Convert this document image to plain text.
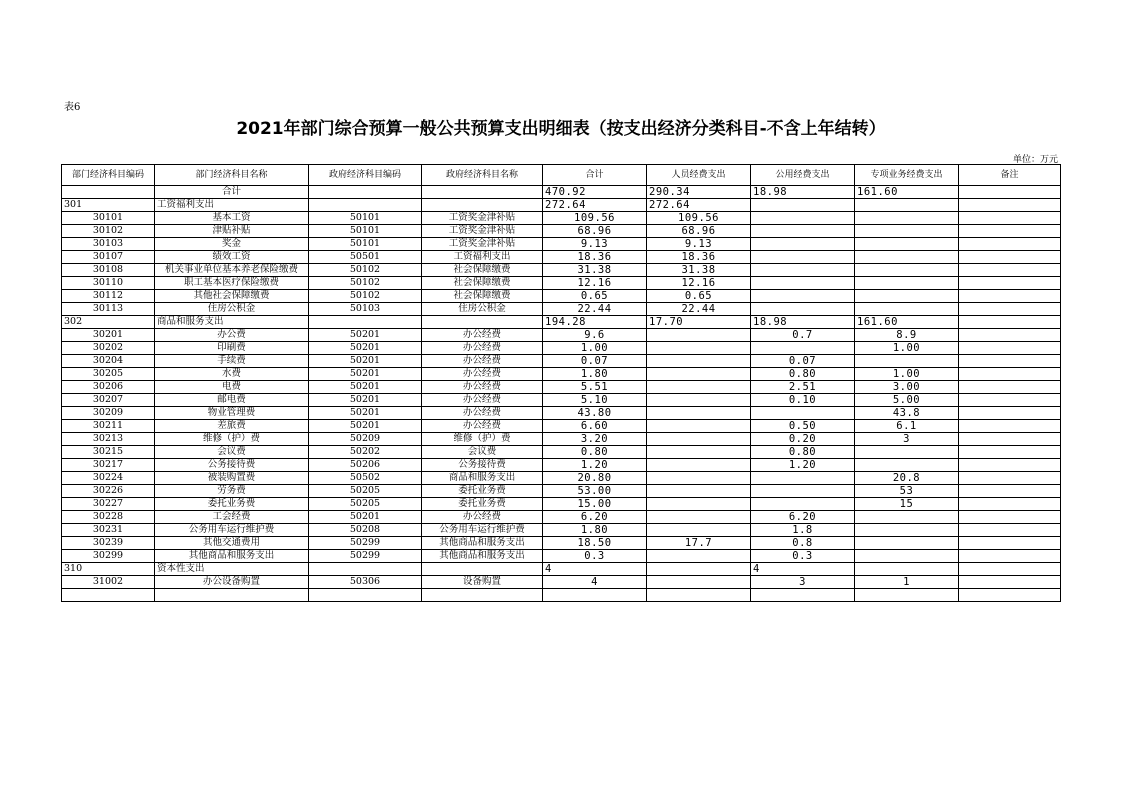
表6
2021年部门综合预算一般公共预算支出明细表（按支出经济分类科目-不含上年结转）
单位：万元
部门经济科目编码	部门经济科目名称	政府经济科目编码	政府经济科目名称	合计	人员经费支出	公用经费支出	专项业务经费支出	备注
	合计			470.92	290.34	18.98	161.60	
301	工资福利支出			272.64	272.64			
30101	基本工资	50101	工资奖金津补贴	109.56	109.56			
30102	津贴补贴	50101	工资奖金津补贴	68.96	68.96			
30103	奖金	50101	工资奖金津补贴	9.13	9.13			
30107	绩效工资	50501	工资福利支出	18.36	18.36			
30108	机关事业单位基本养老保险缴费	50102	社会保障缴费	31.38	31.38			
30110	职工基本医疗保险缴费	50102	社会保障缴费	12.16	12.16			
30112	其他社会保障缴费	50102	社会保障缴费	0.65	0.65			
30113	住房公积金	50103	住房公积金	22.44	22.44			
302	商品和服务支出			194.28	17.70	18.98	161.60	
30201	办公费	50201	办公经费	9.6		0.7	8.9	
30202	印刷费	50201	办公经费	1.00			1.00	
30204	手续费	50201	办公经费	0.07		0.07		
30205	水费	50201	办公经费	1.80		0.80	1.00	
30206	电费	50201	办公经费	5.51		2.51	3.00	
30207	邮电费	50201	办公经费	5.10		0.10	5.00	
30209	物业管理费	50201	办公经费	43.80			43.8	
30211	差旅费	50201	办公经费	6.60		0.50	6.1	
30213	维修（护）费	50209	维修（护）费	3.20		0.20	3	
30215	会议费	50202	会议费	0.80		0.80		
30217	公务接待费	50206	公务接待费	1.20		1.20		
30224	被装购置费	50502	商品和服务支出	20.80			20.8	
30226	劳务费	50205	委托业务费	53.00			53	
30227	委托业务费	50205	委托业务费	15.00			15	
30228	工会经费	50201	办公经费	6.20		6.20		
30231	公务用车运行维护费	50208	公务用车运行维护费	1.80		1.8		
30239	其他交通费用	50299	其他商品和服务支出	18.50	17.7	0.8		
30299	其他商品和服务支出	50299	其他商品和服务支出	0.3		0.3		
310	资本性支出			4		4		
31002	办公设备购置	50306	设备购置	4		3	1	
